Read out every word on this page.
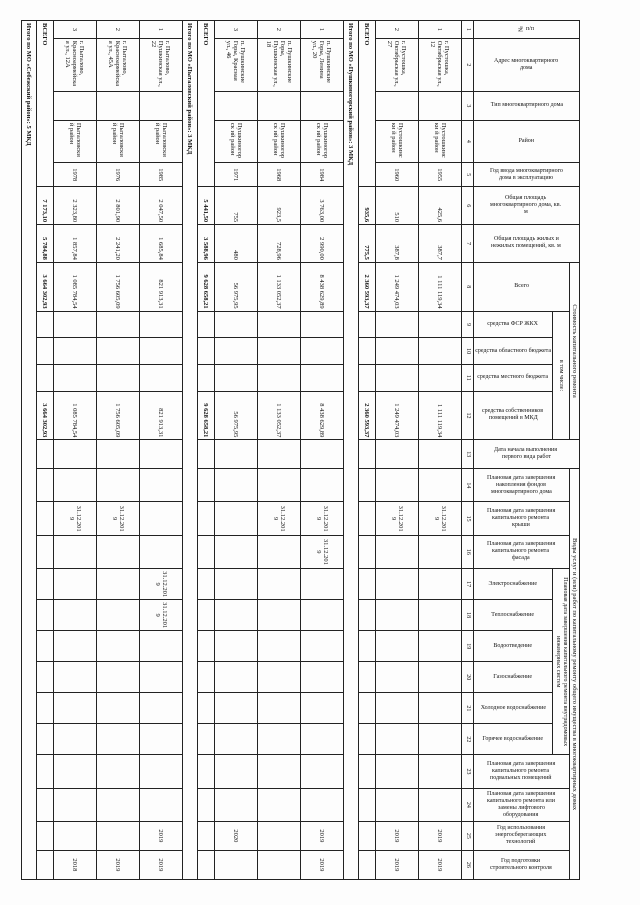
№ п/п	Адрес многоквартирного дома	Тип многоквартирного дома	Район	Год ввода многоквартирного дома в эксплуатацию	Общая площадь многоквартирного дома, кв. м	Общая площадь жилых и нежилых помещений, кв. м	Стоимость капитального ремонта					Дата начала выполнения первого вида работ	Виды услуг и (или) работ по капитальному ремонту общего имущества в многоквартирных домах												

							Всего	в том числе:					Плановая дата завершения накопления фондов многоквартирного дома	Плановая дата завершения капитального ремонта крыши	Плановая дата завершения капитального ремонта фасада	Плановая дата завершения капитального ремонта внутридомовых инженерных систем						Плановая дата завершения капитального ремонта подвальных помещений	Плановая дата завершения капитального ремонта или замены лифтового оборудования	Год использования энергосберегающих технологий	Год подготовки строительного контроля

								средства ФСР ЖКХ	средства областного бюджета	средства местного бюджета	средства собственников помещений в МКД					Электроснабжение	Теплоснабжение	Водоотведение	Газоснабжение	Холодное водоснабжение	Горячее водоснабжение				

1	2	3	4	5	6	7	8	9	10	11	12	13	14	15	16	17	18	19	20	21	22	23	24	25	26
1	г. Пустошка, Октябрьская ул., 12		Пустошкински й район	1955	425,6	387,7	1 111 119,34				1 111 119,34			31.12.2019										2019	2019
2	г. Пустошка, Октябрьская ул., 27		Пустошкински й район	1960	510	387,8	1 249 474,03				1 249 474,03			31.12.2019										2019	2019
ВСЕГО					935,6	775,5	2 360 593,37				2 360 593,37														
Итого по МО «Пушкиногорский район»: 3 МКД																									
1	п. Пушкинские Горы, Ленина ул., 20		Пушкиногорск ий район	1984	3 763,00	2 990,00	8 438 629,89				8 438 629,89			31.12.2019	31.12.2019									2019	2019
2	п. Пушкинские Горы, Пушкинская ул., 18		Пушкиногорск ий район	1968	923,5	728,96	1 133 052,37				1 133 052,37			31.12.2019											
3	п. Пушкинские Горы, Красная ул., 46		Пушкиногорск ий район	1971	755	480	56 975,95				56 975,95													2020	
ВСЕГО					5 441,50	3 588,96	9 628 658,21				9 628 658,21														
Итого по МО «Пыталовский район»: 3 МКД																									
1	г. Пыталово, Пушкинская ул., 22		Пыталовский район	1985	2 047,50	1 685,84	821 913,31				821 913,31					31.12.2019	31.12.2019							2019	2019
2	г. Пыталово, Красноармейская ул., 45А		Пыталовский район	1976	2 801,90	2 241,20	1 756 605,09				1 756 605,09			31.12.2019											2019
3	г. Пыталово, Красноармейская ул., 12А		Пыталовский район	1978	2 323,80	1 857,84	1 085 784,54				1 085 784,54			31.12.2019											2018
ВСЕГО					7 173,10	5 784,88	3 664 302,93				3 664 302,93														
Итого по МО «Себежский район»: 5 МКД																									
